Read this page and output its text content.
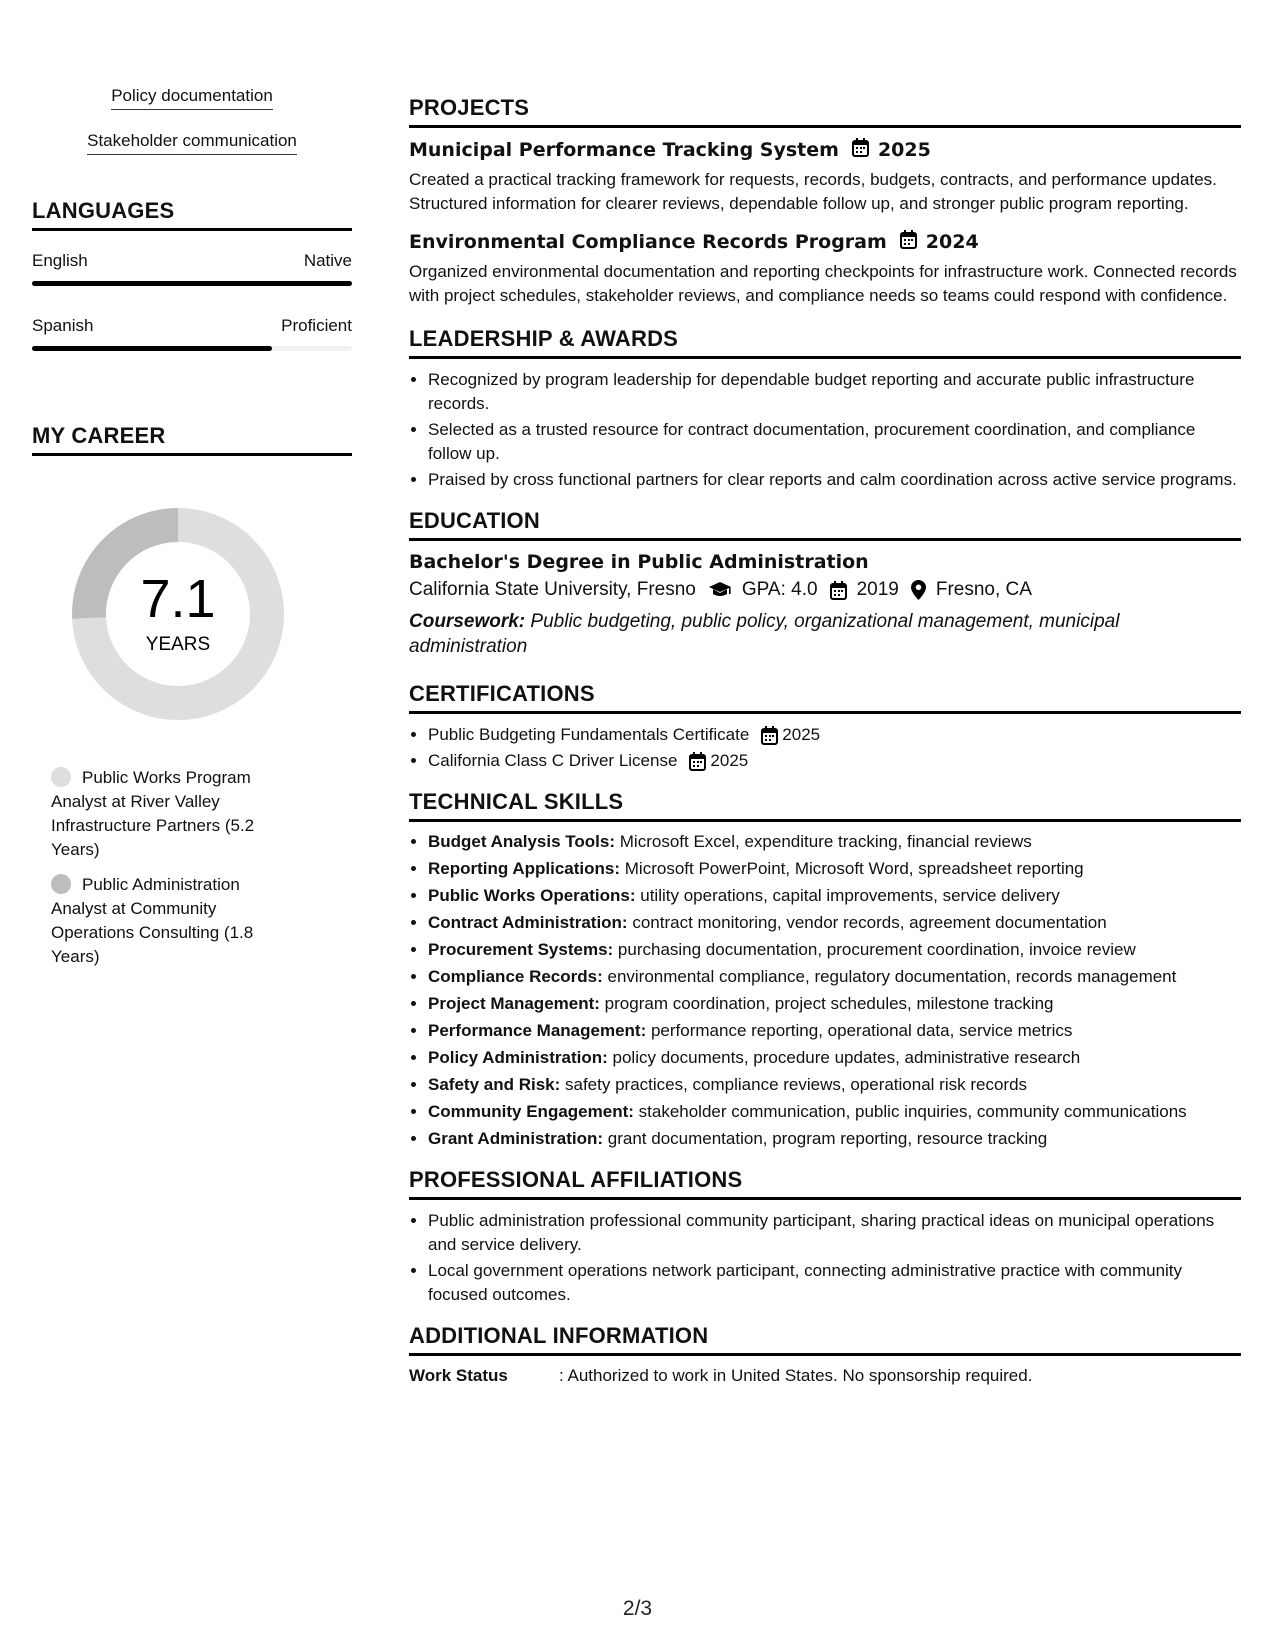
Policy documentation
Stakeholder communication
LANGUAGES
English	Native
Spanish	Proficient
MY CAREER
7.1
YEARS
Public Works Program Analyst at River Valley Infrastructure Partners (5.2 Years)
Public Administration Analyst at Community Operations Consulting (1.8 Years)
PROJECTS
Municipal Performance Tracking System 2025

Created a practical tracking framework for requests, records, budgets, contracts, and performance updates. Structured information for clearer reviews, dependable follow up, and stronger public program reporting.

Environmental Compliance Records Program 2024

Organized environmental documentation and reporting checkpoints for infrastructure work. Connected records with project schedules, stakeholder reviews, and compliance needs so teams could respond with confidence.

LEADERSHIP & AWARDS
• Recognized by program leadership for dependable budget reporting and accurate public infrastructure records.
• Selected as a trusted resource for contract documentation, procurement coordination, and compliance follow up.
• Praised by cross functional partners for clear reports and calm coordination across active service programs.
EDUCATION
Bachelor's Degree in Public Administration
California State University, Fresno GPA: 4.0 2019 Fresno, CA
Coursework: Public budgeting, public policy, organizational management, municipal administration
CERTIFICATIONS
• Public Budgeting Fundamentals Certificate 2025
• California Class C Driver License 2025
TECHNICAL SKILLS
• Budget Analysis Tools: Microsoft Excel, expenditure tracking, financial reviews
• Reporting Applications: Microsoft PowerPoint, Microsoft Word, spreadsheet reporting
• Public Works Operations: utility operations, capital improvements, service delivery
• Contract Administration: contract monitoring, vendor records, agreement documentation
• Procurement Systems: purchasing documentation, procurement coordination, invoice review
• Compliance Records: environmental compliance, regulatory documentation, records management
• Project Management: program coordination, project schedules, milestone tracking
• Performance Management: performance reporting, operational data, service metrics
• Policy Administration: policy documents, procedure updates, administrative research
• Safety and Risk: safety practices, compliance reviews, operational risk records
• Community Engagement: stakeholder communication, public inquiries, community communications
• Grant Administration: grant documentation, program reporting, resource tracking
PROFESSIONAL AFFILIATIONS
• Public administration professional community participant, sharing practical ideas on municipal operations and service delivery.
• Local government operations network participant, connecting administrative practice with community focused outcomes.
ADDITIONAL INFORMATION
Work Status	: Authorized to work in United States. No sponsorship required.
2/3
